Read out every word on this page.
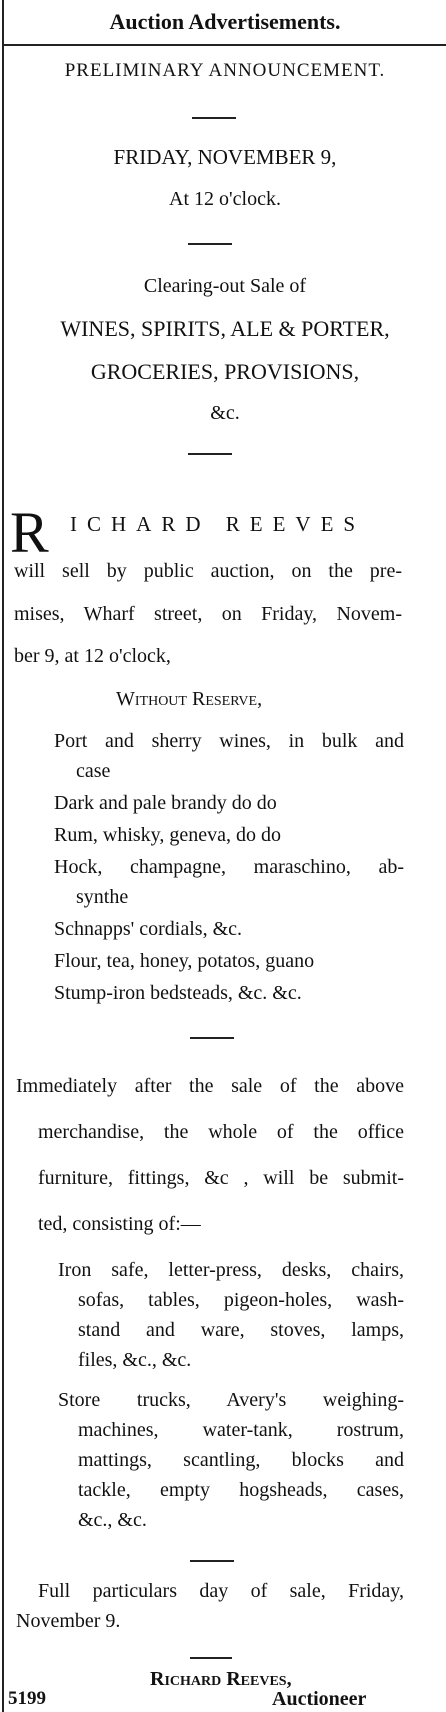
Auction Advertisements.
PRELIMINARY ANNOUNCEMENT.
FRIDAY, NOVEMBER 9,
At 12 o'clock.
Clearing-out Sale of
WINES, SPIRITS, ALE & PORTER,
GROCERIES, PROVISIONS,
&c.
R ICHARD REEVES
will sell by public auction, on the pre-
mises, Wharf street, on Friday, Novem-
ber 9, at 12 o'clock,
Without Reserve,
Port and sherry wines, in bulk and
case
Dark and pale brandy do do
Rum, whisky, geneva, do do
Hock, champagne, maraschino, ab-
synthe
Schnapps' cordials, &c.
Flour, tea, honey, potatos, guano
Stump-iron bedsteads, &c. &c.
Immediately after the sale of the above
merchandise, the whole of the office
furniture, fittings, &c , will be submit-
ted, consisting of:—
Iron safe, letter-press, desks, chairs,
sofas, tables, pigeon-holes, wash-
stand and ware, stoves, lamps,
files, &c., &c.
Store trucks, Avery's weighing-
machines, water-tank, rostrum,
mattings, scantling, blocks and
tackle, empty hogsheads, cases,
&c., &c.
Full particulars day of sale, Friday,
November 9.
Richard Reeves,
5199	Auctioneer
